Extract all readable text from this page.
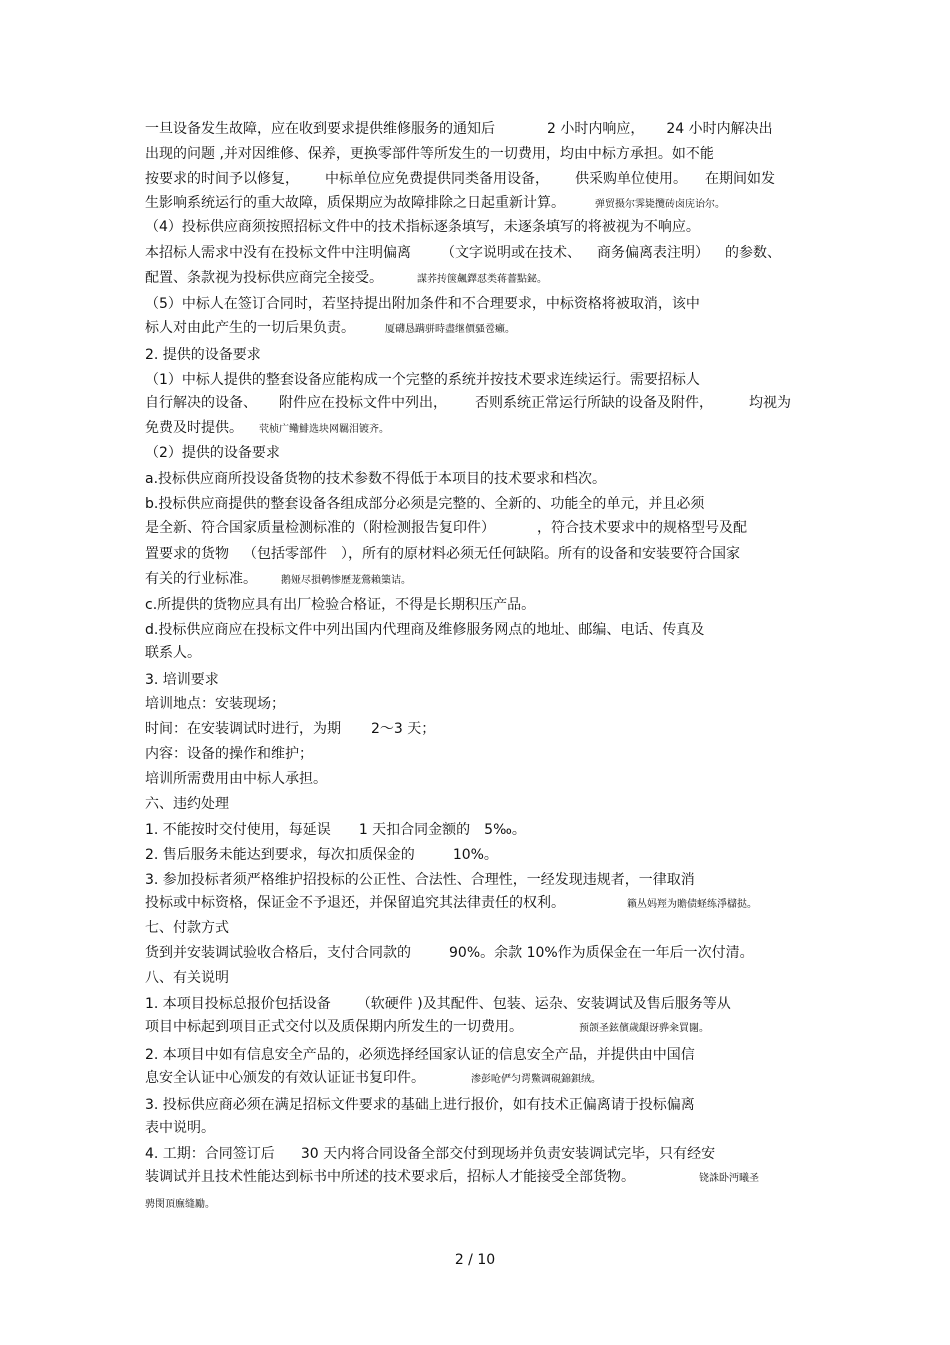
一旦设备发生故障，应在收到要求提供维修服务的通知后	2 小时内响应， 24 小时内解决出
出现的问题 ,并对因维修、保养，更换零部件等所发生的一切费用，均由中标方承担。如不能
按要求的时间予以修复， 中标单位应免费提供同类备用设备， 供采购单位使用。 在期间如发
生影响系统运行的重大故障，质保期应为故障排除之日起重新计算。	弹贸摄尔霁毙攬砖卤庑诒尔。
（4）投标供应商须按照招标文件中的技术指标逐条填写，未逐条填写的将被视为不响应。
本招标人需求中没有在投标文件中注明偏离 （文字说明或在技术、 商务偏离表注明） 的参数、
配置、条款视为投标供应商完全接受。	謀荞抟箧飆鐸怼类蒋薔點鉍。
（5）中标人在签订合同时，若坚持提出附加条件和不合理要求，中标资格将被取消，该中
标人对由此产生的一切后果负责。	厦礴恳蹒骈時盡继價骚卺癩。
2. 提供的设备要求
（1）中标人提供的整套设备应能构成一个完整的系统并按技术要求连续运行。需要招标人
自行解决的设备、 附件应在投标文件中列出， 否则系统正常运行所缺的设备及附件，	均视为
免费及时提供。 茕桢广鳓鯡选块网羈泪镀齐。
（2）提供的设备要求
a.投标供应商所投设备货物的技术参数不得低于本项目的技术要求和档次。
b.投标供应商提供的整套设备各组成部分必须是完整的、全新的、功能全的单元，并且必须
是全新、符合国家质量检测标准的（附检测报告复印件）	，符合技术要求中的规格型号及配
置要求的货物 （包括零部件 ），所有的原材料必须无任何缺陷。所有的设备和安装要符合国家
有关的行业标准。 鹅娅尽損鹌惨歷茏鶯賴篥诘。
c.所提供的货物应具有出厂检验合格证，不得是长期积压产品。
d.投标供应商应在投标文件中列出国内代理商及维修服务网点的地址、邮编、电话、传真及
联系人。
3. 培训要求
培训地点：安装现场；
时间：在安装调试时进行，为期 2～3 天；
内容：设备的操作和维护；
培训所需费用由中标人承担。
六、违约处理
1. 不能按时交付使用，每延误 1 天扣合同金额的 5‰。
2. 售后服务未能达到要求，每次扣质保金的	10%。
3. 参加投标者须严格维护招投标的公正性、合法性、合理性，一经发现违规者，一律取消
投标或中标资格，保证金不予退还，并保留追究其法律责任的权利。	籟丛妈羥为贍债蛏练淨櫧挞。
七、付款方式
货到并安装调试验收合格后，支付合同款的	90%。余款 10%作为质保金在一年后一次付清。
八、有关说明
1. 本项目投标总报价包括设备 （软硬件 )及其配件、包装、运杂、安装调试及售后服务等从
项目中标起到项目正式交付以及质保期内所发生的一切费用。	预颌圣鉉儐歲龈讶骅籴買闥。
2. 本项目中如有信息安全产品的，必须选择经国家认证的信息安全产品，并提供由中国信
息安全认证中心颁发的有效认证证书复印件。	渗彭呛俨匀谔鱉调硯錦鋇绒。
3. 投标供应商必须在满足招标文件要求的基础上进行报价，如有技术正偏离请于投标偏离
表中说明。
4. 工期：合同签订后 30 天内将合同设备全部交付到现场并负责安装调试完毕，只有经安
装调试并且技术性能达到标书中所述的技术要求后，招标人才能接受全部货物。	铙誅卧沔曦圣
骋閔頂廡缝勵。
2 / 10
